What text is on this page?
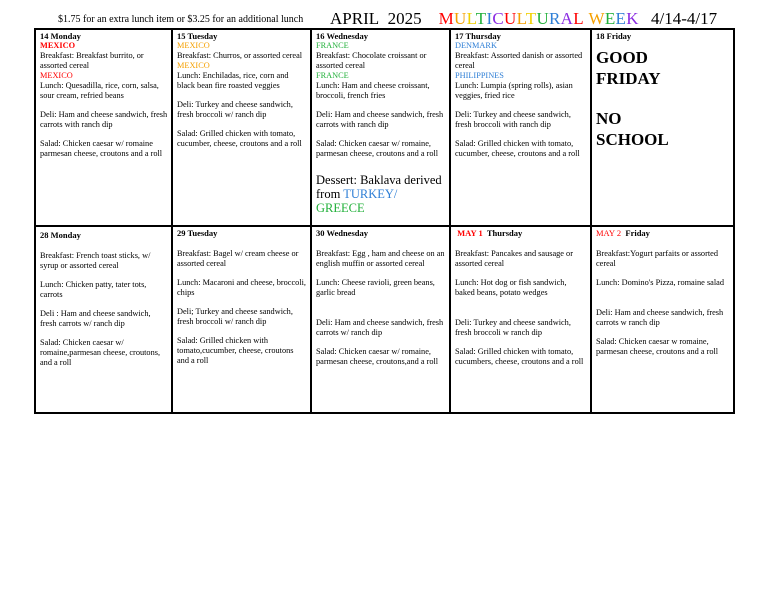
$1.75 for an extra lunch item or $3.25 for an additional lunch APRIL 2025 MULTICULTURAL WEEK 4/14-4/17
14 Monday
MEXICO
Breakfast: Breakfast burrito, or assorted cereal
MEXICO
Lunch: Quesadilla, rice, corn, salsa, sour cream, refried beans
Deli: Ham and cheese sandwich, fresh carrots with ranch dip
Salad: Chicken caesar w/ romaine parmesan cheese, croutons and a roll
15 Tuesday
MEXICO
Breakfast: Churros, or assorted cereal
MEXICO
Lunch: Enchiladas, rice, corn and black bean fire roasted veggies
Deli: Turkey and cheese sandwich, fresh broccoli w/ ranch dip
Salad: Grilled chicken with tomato, cucumber, cheese, croutons and a roll
16 Wednesday
FRANCE
Breakfast: Chocolate croissant or assorted cereal
FRANCE
Lunch: Ham and cheese croissant, broccoli, french fries
Deli: Ham and cheese sandwich, fresh carrots with ranch dip
Salad: Chicken caesar w/ romaine, parmesan cheese, croutons and a roll
Dessert: Baklava derived from TURKEY/
GREECE
17 Thursday
DENMARK
Breakfast: Assorted danish or assorted cereal
PHILIPPINES
Lunch: Lumpia (spring rolls), asian veggies, fried rice
Deli: Turkey and cheese sandwich, fresh broccoli with ranch dip
Salad: Grilled chicken with tomato, cucumber, cheese, croutons and a roll
18 Friday
GOOD
FRIDAY
NO
SCHOOL
28 Monday
Breakfast: French toast sticks, w/ syrup or assorted cereal
Lunch: Chicken patty, tater tots, carrots
Deli : Ham and cheese sandwich, fresh carrots w/ ranch dip
Salad: Chicken caesar w/ romaine,parmesan cheese, croutons, and a roll
29 Tuesday
Breakfast: Bagel w/ cream cheese or assorted cereal
Lunch: Macaroni and cheese, broccoli, chips
Deli; Turkey and cheese sandwich, fresh broccoli w/ ranch dip
Salad: Grilled chicken with tomato,cucumber, cheese, croutons and a roll
30 Wednesday
Breakfast: Egg , ham and cheese on an english muffin or assorted cereal
Lunch: Cheese ravioli, green beans, garlic bread
Deli: Ham and cheese sandwich, fresh carrots w/ ranch dip
Salad: Chicken caesar w/ romaine, parmesan cheese, croutons,and a roll
MAY 1 Thursday
Breakfast: Pancakes and sausage or assorted cereal
Lunch: Hot dog or fish sandwich, baked beans, potato wedges
Deli: Turkey and cheese sandwich, fresh broccoli w ranch dip
Salad: Grilled chicken with tomato, cucumbers, cheese, croutons and a roll
MAY 2 Friday
Breakfast:Yogurt parfaits or assorted cereal
Lunch: Domino's Pizza, romaine salad
Deli: Ham and cheese sandwich, fresh carrots w ranch dip
Salad: Chicken caesar w romaine, parmesan cheese, croutons and a roll
